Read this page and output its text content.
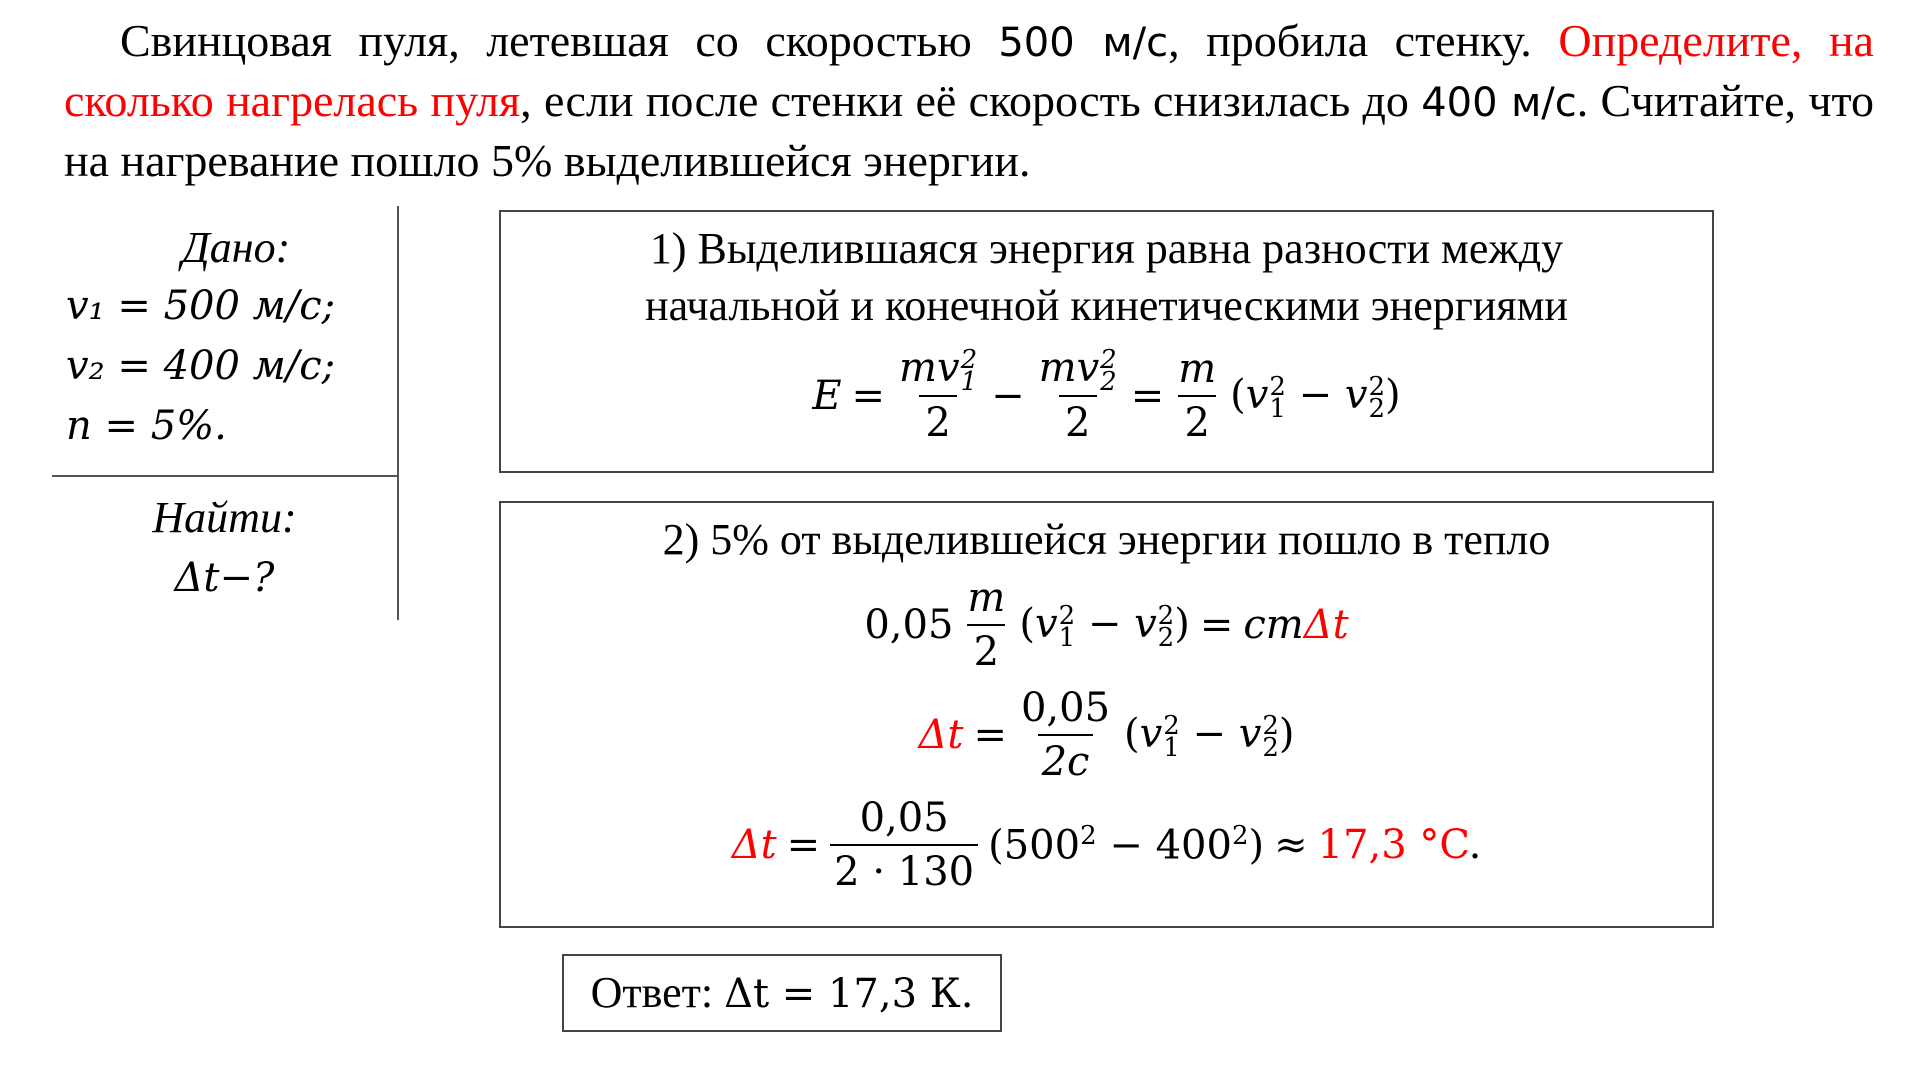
Свинцовая пуля, летевшая со скоростью 500 м/с, пробила стенку. Определите, на сколько нагрелась пуля, если после стенки её скорость снизилась до 400 м/с. Считайте, что на нагревание пошло 5% выделившейся энергии.
Дано:
v₁ = 500 м/с;
v₂ = 400 м/с;
n = 5%.
Найти:
Δt−?
1) Выделившаяся энергия равна разности между начальной и конечной кинетическими энергиями
E = mv 2
1
2 − mv 2
2
$2 = \frac{m}{2} (v$ 2
1 − v 2
2 )
2) 5% от выделившейся энергии пошло в тепло
$0,05 \frac{m}{2} (v$ 2
1 − v 2
2 ) = cm Δt
$\Delta t = \frac{0,05}{2c} (v$ 2
1 − v 2
2 )
$\Delta t = \frac{0,05}{2 \cdot 130} (500^2 - 400^2) \approx 17,3$ °C.
Ответ: Δt = 17,3 К.
